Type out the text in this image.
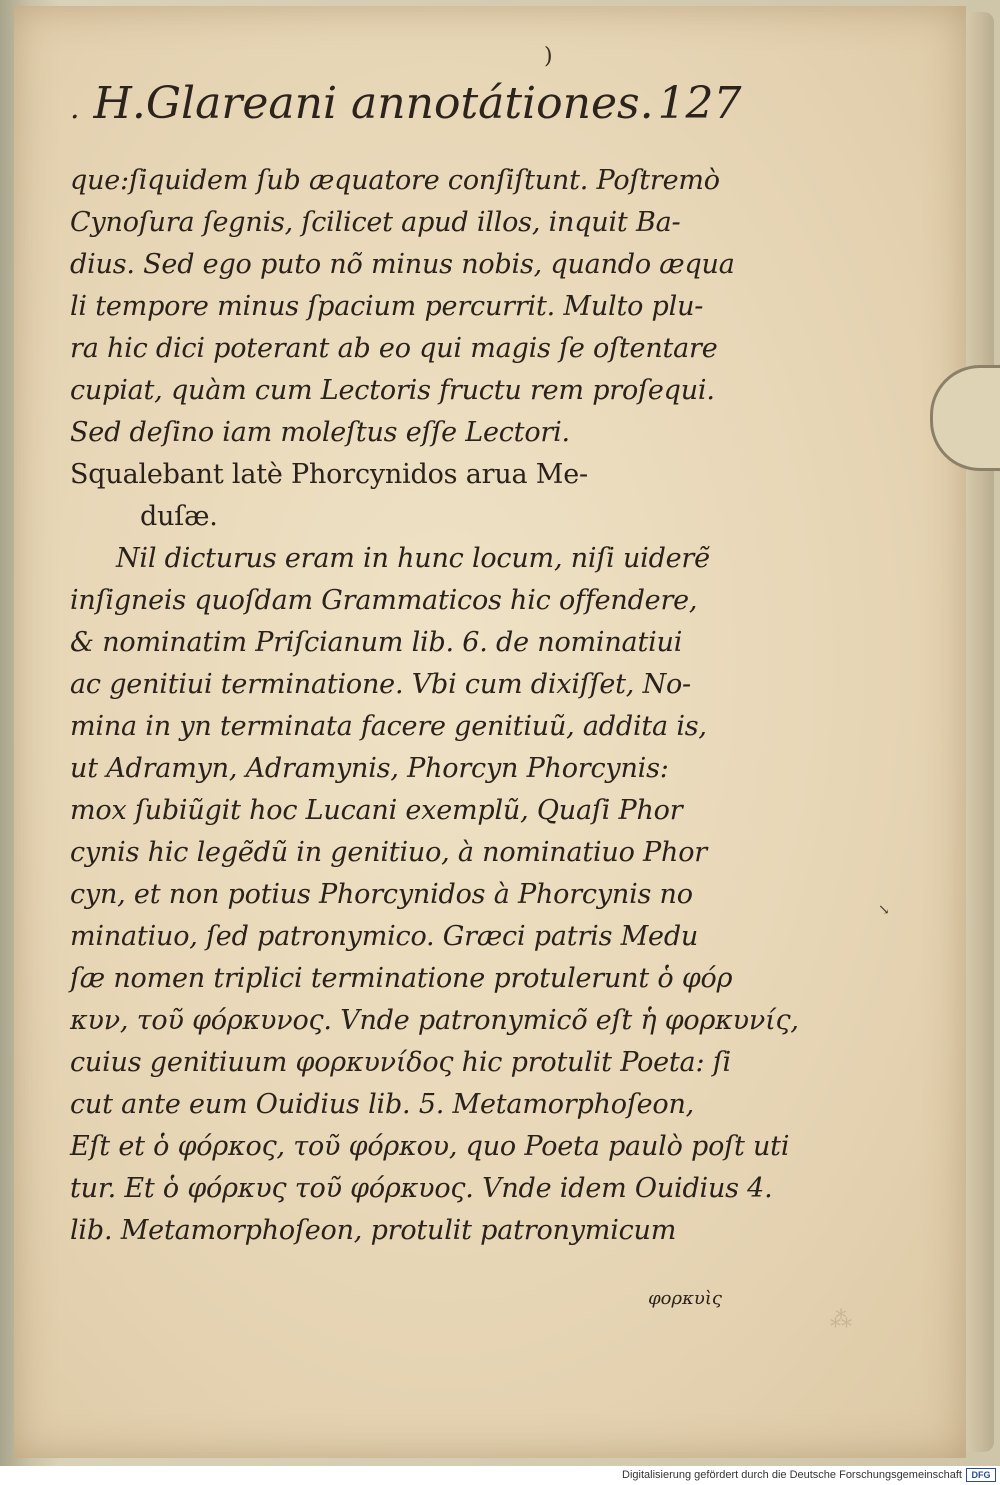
)
↘
. H.Glareani annotátiones.127
que:ſiquidem ſub æquatore conſiſtunt. Poſtremò
Cynoſura ſegnis, ſcilicet apud illos, inquit Ba-
dius. Sed ego puto nõ minus nobis, quando æqua
li tempore minus ſpacium percurrit. Multo plu-
ra hic dici poterant ab eo qui magis ſe oſtentare
cupiat, quàm cum Lectoris fructu rem proſequi.
Sed deſino iam moleſtus eſſe Lectori.
Squalebant latè Phorcynidos arua Me-
duſæ.
Nil dicturus eram in hunc locum, niſi uiderẽ
inſigneis quoſdam Grammaticos hic offendere,
& nominatim Priſcianum lib. 6. de nominatiui
ac genitiui terminatione. Vbi cum dixiſſet, No-
mina in yn terminata facere genitiuũ, addita is,
ut Adramyn, Adramynis, Phorcyn Phorcynis:
mox ſubiũgit hoc Lucani exemplũ, Quaſi Phor
cynis hic legẽdũ in genitiuo, à nominatiuo Phor
cyn, et non potius Phorcynidos à Phorcynis no
minatiuo, ſed patronymico. Græci patris Medu
ſæ nomen triplici terminatione protulerunt ὁ φόρ
κυν, τοῦ φόρκυνος. Vnde patronymicõ eſt ἡ φορκυνίς,
cuius genitiuum φορκυνίδος hic protulit Poeta: ſi
cut ante eum Ouidius lib. 5. Metamorphoſeon,
Eſt et ὁ φόρκος, τοῦ φόρκου, quo Poeta paulò poſt uti
tur. Et ὁ φόρκυς τοῦ φόρκυος. Vnde idem Ouidius 4.
lib. Metamorphoſeon, protulit patronymicum
φορκυὶς
⁂
Digitalisierung gefördert durch die Deutsche Forschungsgemeinschaft	DFG
